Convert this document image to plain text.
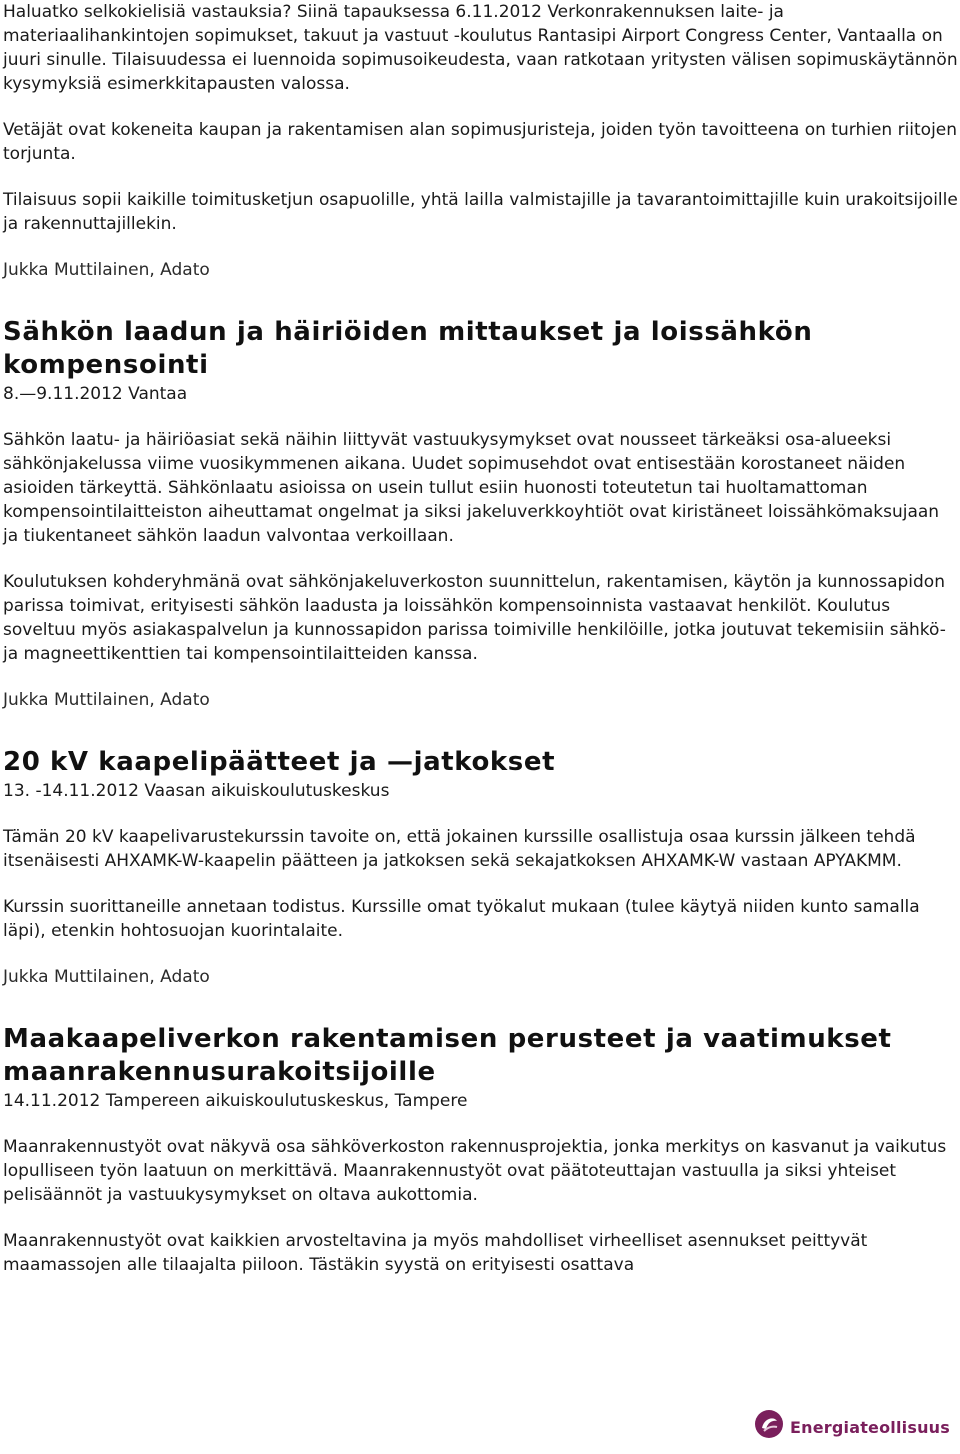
Haluatko selkokielisiä vastauksia? Siinä tapauksessa 6.11.2012 Verkonrakennuksen laite- ja materiaalihankintojen sopimukset, takuut ja vastuut -koulutus Rantasipi Airport Congress Center, Vantaalla on juuri sinulle. Tilaisuudessa ei luennoida sopimusoikeudesta, vaan ratkotaan yritysten välisen sopimuskäytännön kysymyksiä esimerkkitapausten valossa.

Vetäjät ovat kokeneita kaupan ja rakentamisen alan sopimusjuristeja, joiden työn tavoitteena on turhien riitojen torjunta.

Tilaisuus sopii kaikille toimitusketjun osapuolille, yhtä lailla valmistajille ja tavarantoimittajille kuin urakoitsijoille ja rakennuttajillekin.

Jukka Muttilainen, Adato

Sähkön laadun ja häiriöiden mittaukset ja loissähkön kompensointi

8.—9.11.2012 Vantaa

Sähkön laatu- ja häiriöasiat sekä näihin liittyvät vastuukysymykset ovat nousseet tärkeäksi osa-alueeksi sähkönjakelussa viime vuosikymmenen aikana. Uudet sopimusehdot ovat entisestään korostaneet näiden asioiden tärkeyttä. Sähkönlaatu asioissa on usein tullut esiin huonosti toteutetun tai huoltamattoman kompensointilaitteiston aiheuttamat ongelmat ja siksi jakeluverkkoyhtiöt ovat kiristäneet loissähkömaksujaan ja tiukentaneet sähkön laadun valvontaa verkoillaan.

Koulutuksen kohderyhmänä ovat sähkönjakeluverkoston suunnittelun, rakentamisen, käytön ja kunnossapidon parissa toimivat, erityisesti sähkön laadusta ja loissähkön kompensoinnista vastaavat henkilöt. Koulutus soveltuu myös asiakaspalvelun ja kunnossapidon parissa toimiville henkilöille, jotka joutuvat tekemisiin sähkö- ja magneettikenttien tai kompensointilaitteiden kanssa.

Jukka Muttilainen, Adato

20 kV kaapelipäätteet ja —jatkokset

13. -14.11.2012 Vaasan aikuiskoulutuskeskus

Tämän 20 kV kaapelivarustekurssin tavoite on, että jokainen kurssille osallistuja osaa kurssin jälkeen tehdä itsenäisesti AHXAMK-W-kaapelin päätteen ja jatkoksen sekä sekajatkoksen AHXAMK-W vastaan APYAKMM.

Kurssin suorittaneille annetaan todistus. Kurssille omat työkalut mukaan (tulee käytyä niiden kunto samalla läpi), etenkin hohtosuojan kuorintalaite.

Jukka Muttilainen, Adato

Maakaapeliverkon rakentamisen perusteet ja vaatimukset maanrakennusurakoitsijoille

14.11.2012 Tampereen aikuiskoulutuskeskus, Tampere

Maanrakennustyöt ovat näkyvä osa sähköverkoston rakennusprojektia, jonka merkitys on kasvanut ja vaikutus lopulliseen työn laatuun on merkittävä. Maanrakennustyöt ovat päätoteuttajan vastuulla ja siksi yhteiset pelisäännöt ja vastuukysymykset on oltava aukottomia.

Maanrakennustyöt ovat kaikkien arvosteltavina ja myös mahdolliset virheelliset asennukset peittyvät maamassojen alle tilaajalta piiloon. Tästäkin syystä on erityisesti osattava

Energiateollisuus
